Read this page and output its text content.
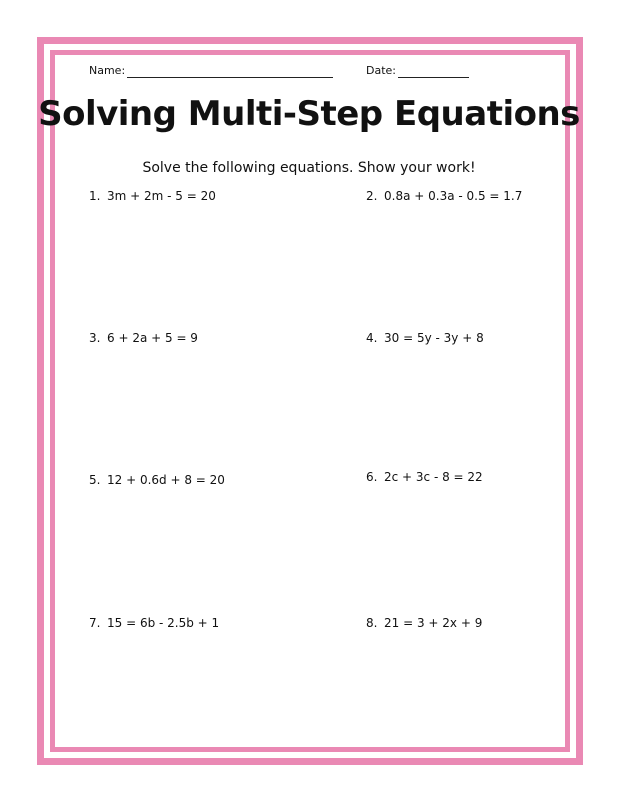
Name:	Date:
Solving Multi-Step Equations
Solve the following equations. Show your work!
1. 3m + 2m - 5 = 20	2. 0.8a + 0.3a - 0.5 = 1.7
3. 6 + 2a + 5 = 9	4. 30 = 5y - 3y + 8
5. 12 + 0.6d + 8 = 20	6. 2c + 3c - 8 = 22
7. 15 = 6b - 2.5b + 1	8. 21 = 3 + 2x + 9
